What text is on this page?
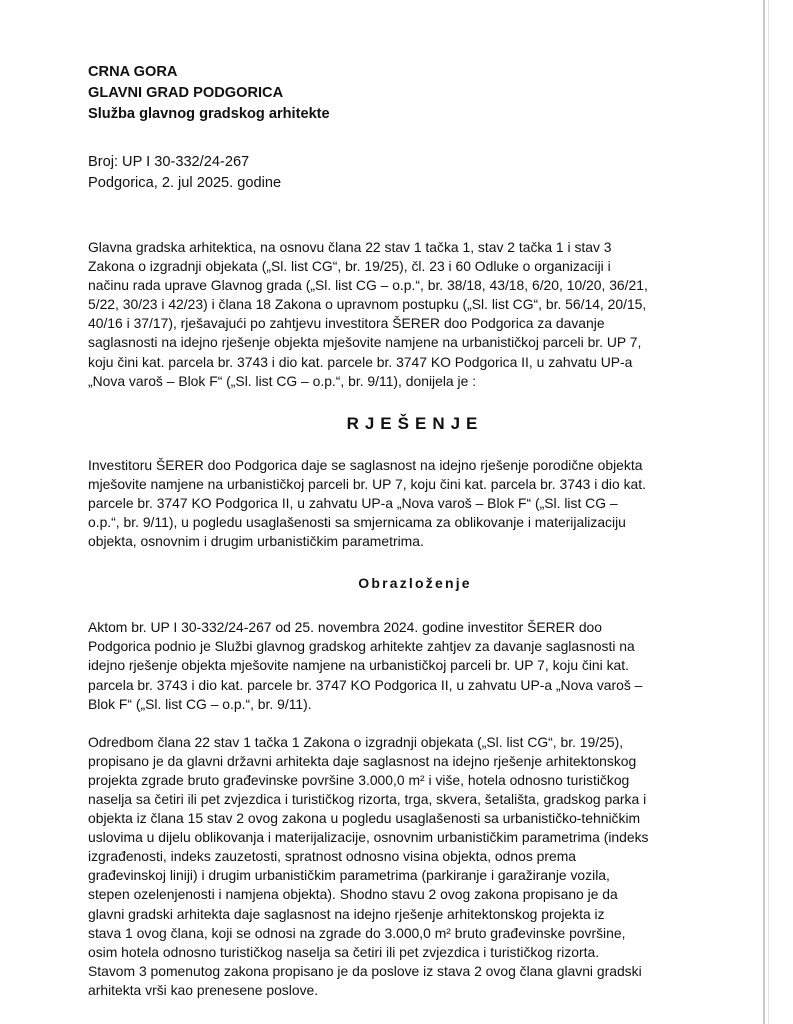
CRNA GORA

GLAVNI GRAD PODGORICA

Služba glavnog gradskog arhitekte

Broj: UP I 30-332/24-267
Podgorica, 2. jul 2025. godine

Glavna gradska arhitektica, na osnovu člana 22 stav 1 tačka 1, stav 2 tačka 1 i stav 3

Zakona o izgradnji objekata („Sl. list CG“, br. 19/25), čl. 23 i 60 Odluke o organizaciji i

načinu rada uprave Glavnog grada („Sl. list CG – o.p.“, br. 38/18, 43/18, 6/20, 10/20, 36/21,

5/22, 30/23 i 42/23) i člana 18 Zakona o upravnom postupku („Sl. list CG“, br. 56/14, 20/15,

40/16 i 37/17), rješavajući po zahtjevu investitora ŠERER doo Podgorica za davanje

saglasnosti na idejno rješenje objekta mješovite namjene na urbanističkoj parceli br. UP 7,

koju čini kat. parcela br. 3743 i dio kat. parcele br. 3747 KO Podgorica II, u zahvatu UP-a

„Nova varoš – Blok F“ („Sl. list CG – o.p.“, br. 9/11), donijela je :

RJEŠENJE

Investitoru ŠERER doo Podgorica daje se saglasnost na idejno rješenje porodične objekta

mješovite namjene na urbanističkoj parceli br. UP 7, koju čini kat. parcela br. 3743 i dio kat.

parcele br. 3747 KO Podgorica II, u zahvatu UP-a „Nova varoš – Blok F“ („Sl. list CG –

o.p.“, br. 9/11), u pogledu usaglašenosti sa smjernicama za oblikovanje i materijalizaciju

objekta, osnovnim i drugim urbanističkim parametrima.

Obrazloženje

Aktom br. UP I 30-332/24-267 od 25. novembra 2024. godine investitor ŠERER doo

Podgorica podnio je Službi glavnog gradskog arhitekte zahtjev za davanje saglasnosti na

idejno rješenje objekta mješovite namjene na urbanističkoj parceli br. UP 7, koju čini kat.

parcela br. 3743 i dio kat. parcele br. 3747 KO Podgorica II, u zahvatu UP-a „Nova varoš –

Blok F“ („Sl. list CG – o.p.“, br. 9/11).

Odredbom člana 22 stav 1 tačka 1 Zakona o izgradnji objekata („Sl. list CG“, br. 19/25),

propisano je da glavni državni arhitekta daje saglasnost na idejno rješenje arhitektonskog

projekta zgrade bruto građevinske površine 3.000,0 m² i više, hotela odnosno turističkog

naselja sa četiri ili pet zvjezdica i turističkog rizorta, trga, skvera, šetališta, gradskog parka i

objekta iz člana 15 stav 2 ovog zakona u pogledu usaglašenosti sa urbanističko-tehničkim

uslovima u dijelu oblikovanja i materijalizacije, osnovnim urbanističkim parametrima (indeks

izgrađenosti, indeks zauzetosti, spratnost odnosno visina objekta, odnos prema

građevinskoj liniji) i drugim urbanističkim parametrima (parkiranje i garažiranje vozila,

stepen ozelenjenosti i namjena objekta). Shodno stavu 2 ovog zakona propisano je da

glavni gradski arhitekta daje saglasnost na idejno rješenje arhitektonskog projekta iz

stava 1 ovog člana, koji se odnosi na zgrade do 3.000,0 m² bruto građevinske površine,

osim hotela odnosno turističkog naselja sa četiri ili pet zvjezdica i turističkog rizorta.

Stavom 3 pomenutog zakona propisano je da poslove iz stava 2 ovog člana glavni gradski

arhitekta vrši kao prenesene poslove.
